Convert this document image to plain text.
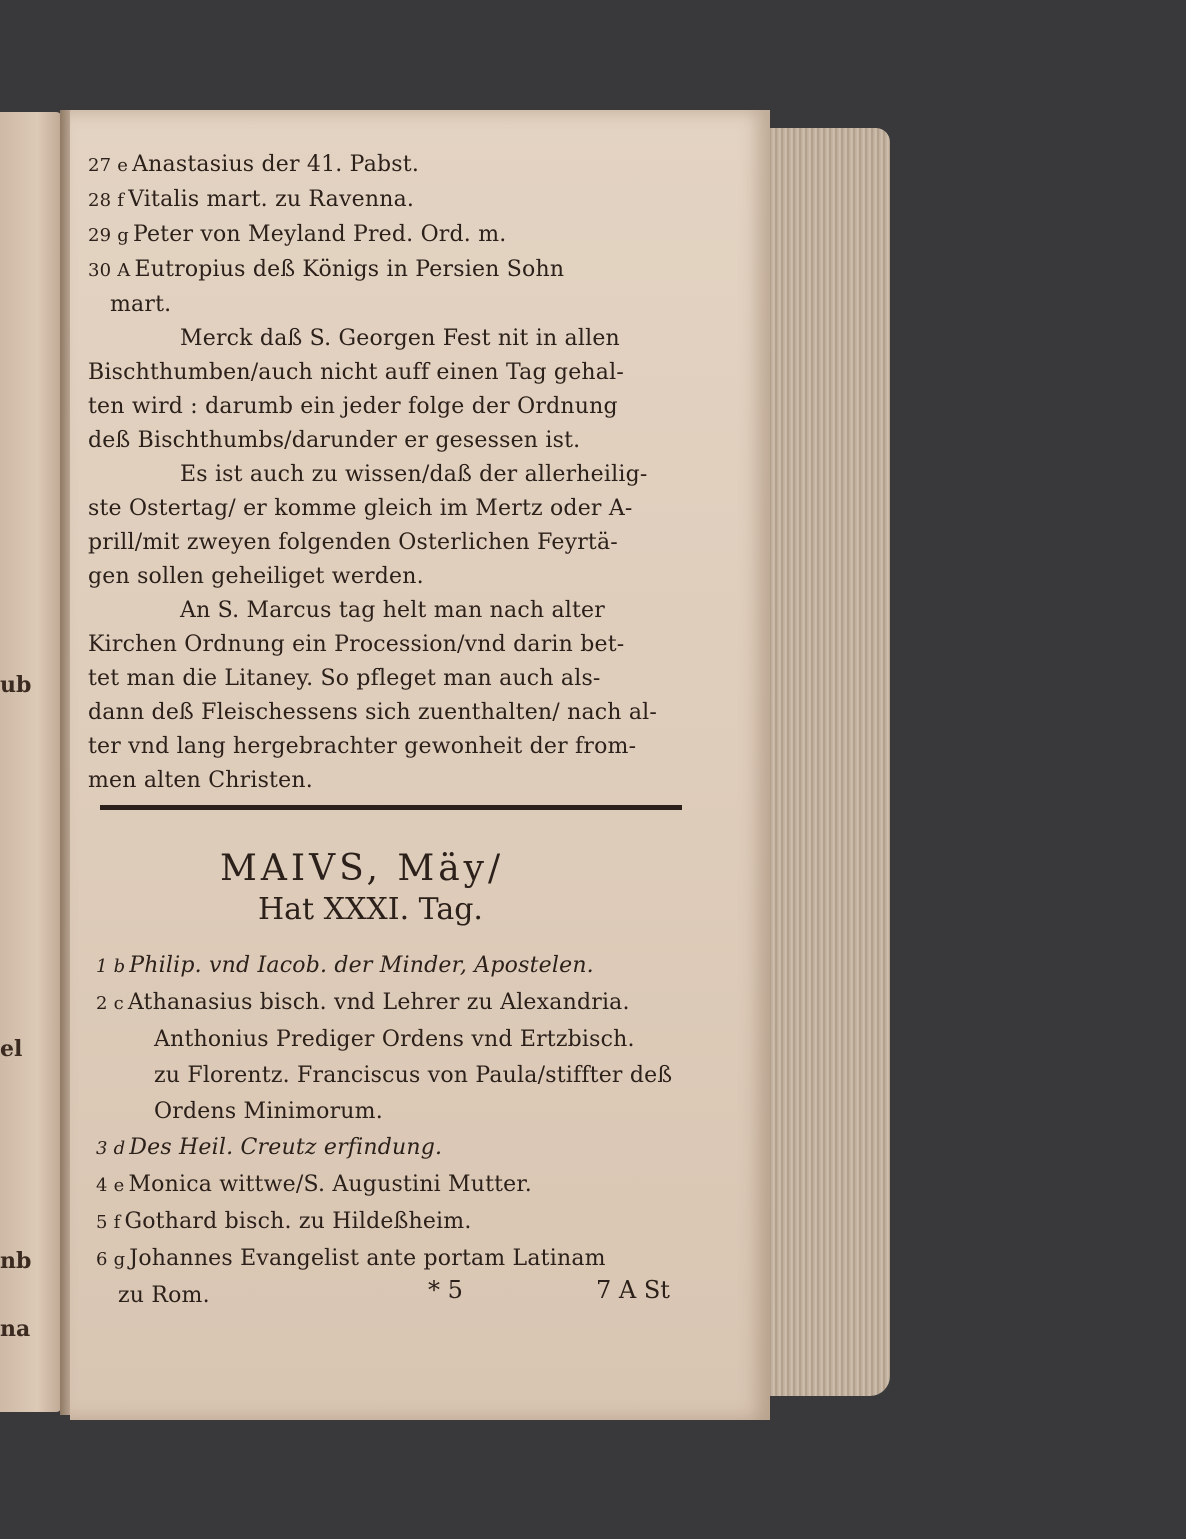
ub
el
nb
na
27 e Anastasius der 41. Pabst.
28 f Vitalis mart. zu Ravenna.
29 g Peter von Meyland Pred. Ord. m.
30 A Eutropius deß Königs in Persien Sohn
mart.
Merck daß S. Georgen Fest nit in allen
Bischthumben/auch nicht auff einen Tag gehal-
ten wird : darumb ein jeder folge der Ordnung
deß Bischthumbs/darunder er gesessen ist.
Es ist auch zu wissen/daß der allerheilig-
ste Ostertag/ er komme gleich im Mertz oder A-
prill/mit zweyen folgenden Osterlichen Feyrtä-
gen sollen geheiliget werden.
An S. Marcus tag helt man nach alter
Kirchen Ordnung ein Procession/vnd darin bet-
tet man die Litaney. So pfleget man auch als-
dann deß Fleischessens sich zuenthalten/ nach al-
ter vnd lang hergebrachter gewonheit der from-
men alten Christen.
MAIVS, Mäy/
Hat XXXI. Tag.
1 b Philip. vnd Iacob. der Minder, Apostelen.
2 c Athanasius bisch. vnd Lehrer zu Alexandria.
Anthonius Prediger Ordens vnd Ertzbisch.
zu Florentz. Franciscus von Paula/stiffter deß
Ordens Minimorum.
3 d Des Heil. Creutz erfindung.
4 e Monica wittwe/S. Augustini Mutter.
5 f Gothard bisch. zu Hildeßheim.
6 g Johannes Evangelist ante portam Latinam
zu Rom.	* 5	7 A St
